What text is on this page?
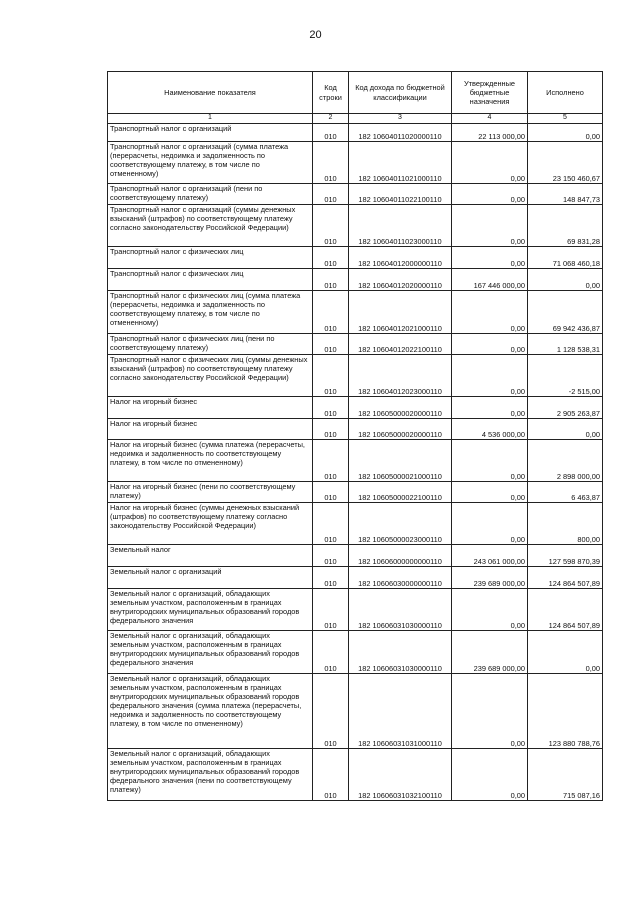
20
Наименование показателя	Код строки	Код дохода по бюджетной классификации	Утвержденные бюджетные назначения	Исполнено
1	2	3	4	5
Транспортный налог с организаций	010	182 10604011020000110	22 113 000,00	0,00
Транспортный налог с организаций (сумма платежа (перерасчеты, недоимка и задолженность по соответствующему платежу, в том числе по отмененному)	010	182 10604011021000110	0,00	23 150 460,67
Транспортный налог с организаций (пени по соответствующему платежу)	010	182 10604011022100110	0,00	148 847,73
Транспортный налог с организаций (суммы денежных взысканий (штрафов) по соответствующему платежу согласно законодательству Российской Федерации)	010	182 10604011023000110	0,00	69 831,28
Транспортный налог с физических лиц	010	182 10604012000000110	0,00	71 068 460,18
Транспортный налог с физических лиц	010	182 10604012020000110	167 446 000,00	0,00
Транспортный налог с физических лиц (сумма платежа (перерасчеты, недоимка и задолженность по соответствующему платежу, в том числе по отмененному)	010	182 10604012021000110	0,00	69 942 436,87
Транспортный налог с физических лиц (пени по соответствующему платежу)	010	182 10604012022100110	0,00	1 128 538,31
Транспортный налог с физических лиц (суммы денежных взысканий (штрафов) по соответствующему платежу согласно законодательству Российской Федерации)	010	182 10604012023000110	0,00	-2 515,00
Налог на игорный бизнес	010	182 10605000020000110	0,00	2 905 263,87
Налог на игорный бизнес	010	182 10605000020000110	4 536 000,00	0,00
Налог на игорный бизнес (сумма платежа (перерасчеты, недоимка и задолженность по соответствующему платежу, в том числе по отмененному)	010	182 10605000021000110	0,00	2 898 000,00
Налог на игорный бизнес (пени по соответствующему платежу)	010	182 10605000022100110	0,00	6 463,87
Налог на игорный бизнес (суммы денежных взысканий (штрафов) по соответствующему платежу согласно законодательству Российской Федерации)	010	182 10605000023000110	0,00	800,00
Земельный налог	010	182 10606000000000110	243 061 000,00	127 598 870,39
Земельный налог с организаций	010	182 10606030000000110	239 689 000,00	124 864 507,89
Земельный налог с организаций, обладающих земельным участком, расположенным в границах внутригородских муниципальных образований городов федерального значения	010	182 10606031030000110	0,00	124 864 507,89
Земельный налог с организаций, обладающих земельным участком, расположенным в границах внутригородских муниципальных образований городов федерального значения	010	182 10606031030000110	239 689 000,00	0,00
Земельный налог с организаций, обладающих земельным участком, расположенным в границах внутригородских муниципальных образований городов федерального значения (сумма платежа (перерасчеты, недоимка и задолженность по соответствующему платежу, в том числе по отмененному)	010	182 10606031031000110	0,00	123 880 788,76
Земельный налог с организаций, обладающих земельным участком, расположенным в границах внутригородских муниципальных образований городов федерального значения (пени по соответствующему платежу)	010	182 10606031032100110	0,00	715 087,16
